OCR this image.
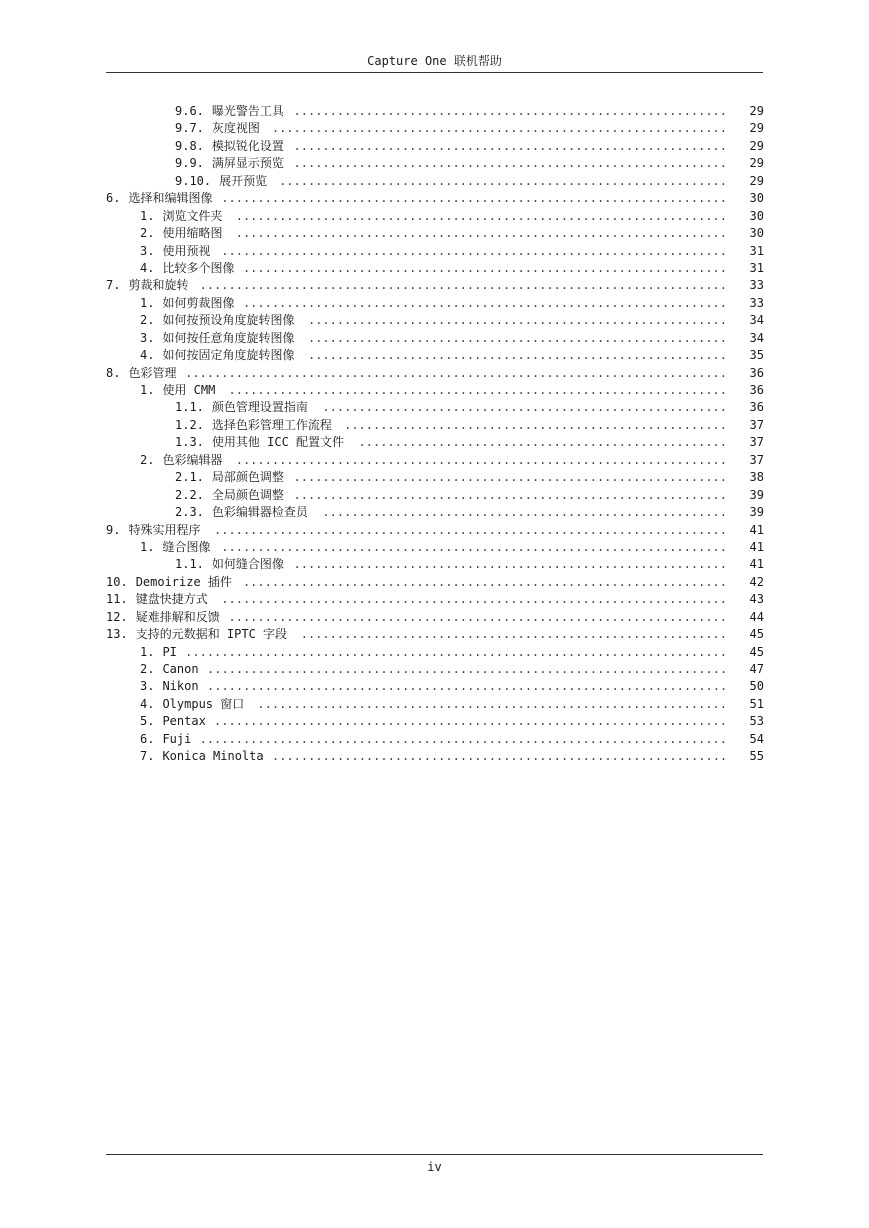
Capture One 联机帮助
9.6. 曝光警告工具 ............................................................	29
9.7. 灰度视图 ...............................................................	29
9.8. 模拟锐化设置 ............................................................	29
9.9. 满屏显示预览 ............................................................	29
9.10. 展开预览 ..............................................................	29
6. 选择和编辑图像 ......................................................................	30
1. 浏览文件夹	....................................................................	30
2. 使用缩略图	....................................................................	30
3. 使用预视 ......................................................................	31
4. 比较多个图像 ...................................................................	31
7. 剪裁和旋转 .........................................................................	33
1. 如何剪裁图像 ...................................................................	33
2. 如何按预设角度旋转图像	..........................................................	34
3. 如何按任意角度旋转图像	..........................................................	34
4. 如何按固定角度旋转图像	..........................................................	35
8. 色彩管理 ...........................................................................	36
1. 使用 CMM	.....................................................................	36
1.1. 颜色管理设置指南	........................................................	36
1.2. 选择色彩管理工作流程	.....................................................	37
1.3. 使用其他 ICC 配置文件	...................................................	37
2. 色彩编辑器	....................................................................	37
2.1. 局部颜色调整 ............................................................	38
2.2. 全局颜色调整 ............................................................	39
2.3. 色彩编辑器检查员	........................................................	39
9. 特殊实用程序	.......................................................................	41
1. 缝合图像 ......................................................................	41
1.1. 如何缝合图像 ............................................................	41
10. Demoirize 插件 ...................................................................	42
11. 键盘快捷方式	......................................................................	43
12. 疑难排解和反馈 .....................................................................	44
13. 支持的元数据和 IPTC 字段	...........................................................	45
1. PI ...........................................................................	45
2. Canon ........................................................................	47
3. Nikon ........................................................................	50
4. Olympus 窗口	.................................................................	51
5. Pentax .......................................................................	53
6. Fuji .........................................................................	54
7. Konica Minolta ...............................................................	55
iv
